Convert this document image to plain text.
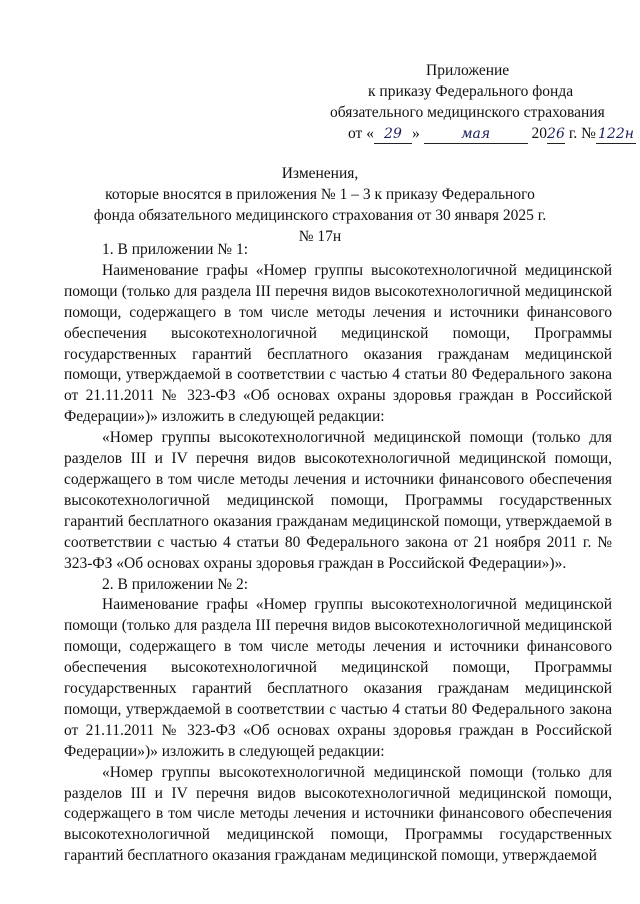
Приложение
к приказу Федерального фонда
обязательного медицинского страхования
от « 29 »	мая	2026 г. № 122н
Изменения,
которые вносятся в приложения № 1 – 3 к приказу Федерального фонда обязательного медицинского страхования от 30 января 2025 г. № 17н

1. В приложении № 1:

Наименование графы «Номер группы высокотехнологичной медицинской помощи (только для раздела III перечня видов высокотехнологичной медицинской помощи, содержащего в том числе методы лечения и источники финансового обеспечения высокотехнологичной медицинской помощи, Программы государственных гарантий бесплатного оказания гражданам медицинской помощи, утверждаемой в соответствии с частью 4 статьи 80 Федерального закона от 21.11.2011 № 323-ФЗ «Об основах охраны здоровья граждан в Российской Федерации»)» изложить в следующей редакции:

«Номер группы высокотехнологичной медицинской помощи (только для разделов III и IV перечня видов высокотехнологичной медицинской помощи, содержащего в том числе методы лечения и источники финансового обеспечения высокотехнологичной медицинской помощи, Программы государственных гарантий бесплатного оказания гражданам медицинской помощи, утверждаемой в соответствии с частью 4 статьи 80 Федерального закона от 21 ноября 2011 г. № 323-ФЗ «Об основах охраны здоровья граждан в Российской Федерации»)».

2. В приложении № 2:

Наименование графы «Номер группы высокотехнологичной медицинской помощи (только для раздела III перечня видов высокотехнологичной медицинской помощи, содержащего в том числе методы лечения и источники финансового обеспечения высокотехнологичной медицинской помощи, Программы государственных гарантий бесплатного оказания гражданам медицинской помощи, утверждаемой в соответствии с частью 4 статьи 80 Федерального закона от 21.11.2011 № 323-ФЗ «Об основах охраны здоровья граждан в Российской Федерации»)» изложить в следующей редакции:

«Номер группы высокотехнологичной медицинской помощи (только для разделов III и IV перечня видов высокотехнологичной медицинской помощи, содержащего в том числе методы лечения и источники финансового обеспечения высокотехнологичной медицинской помощи, Программы государственных гарантий бесплатного оказания гражданам медицинской помощи, утверждаемой
